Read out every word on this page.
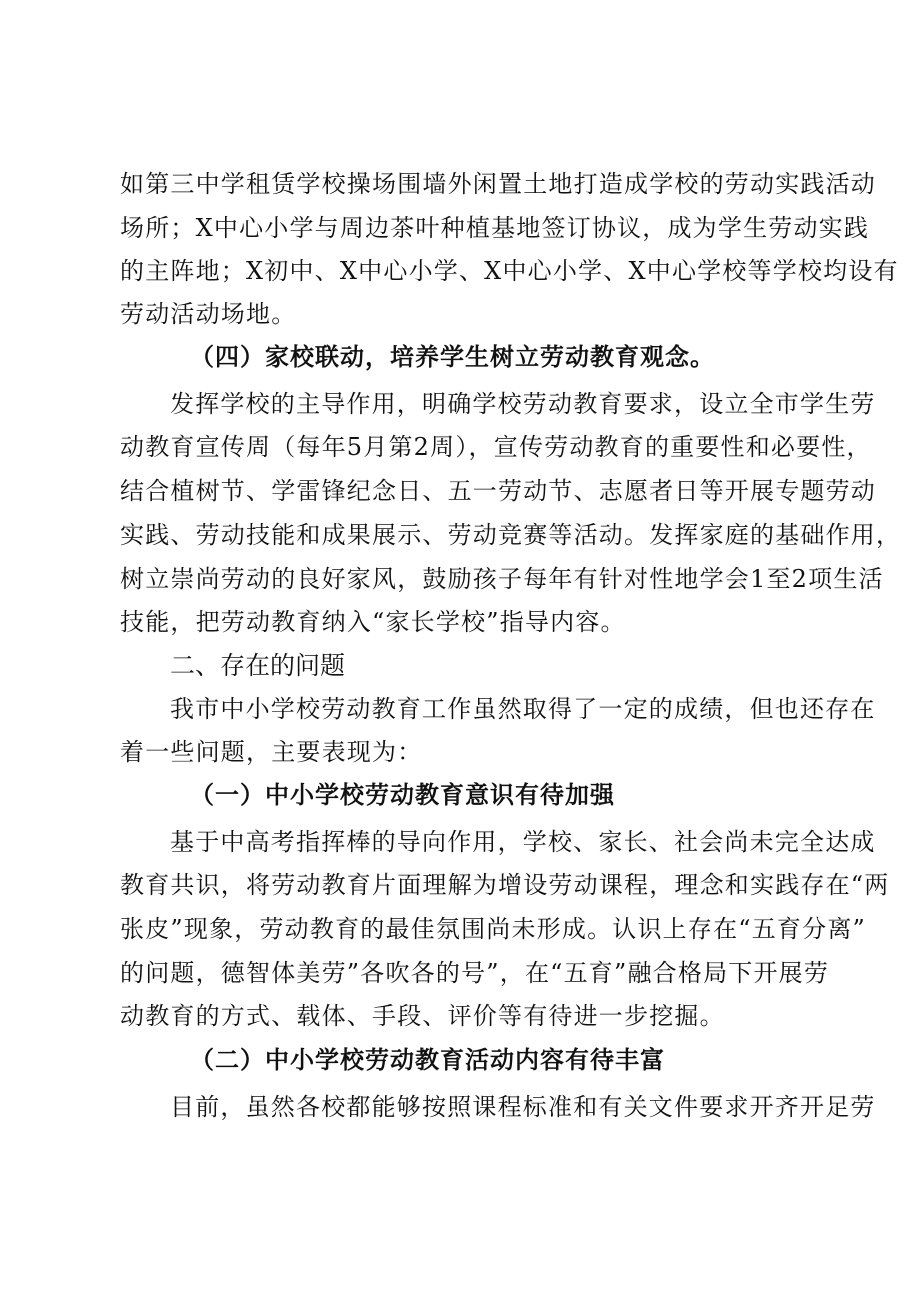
如第三中学租赁学校操场围墙外闲置土地打造成学校的劳动实践活动
场所；X中心小学与周边茶叶种植基地签订协议，成为学生劳动实践
的主阵地；X初中、X中心小学、X中心小学、X中心学校等学校均设有
劳动活动场地。
（四）家校联动，培养学生树立劳动教育观念。
发挥学校的主导作用，明确学校劳动教育要求，设立全市学生劳
动教育宣传周（每年5月第2周），宣传劳动教育的重要性和必要性，
结合植树节、学雷锋纪念日、五一劳动节、志愿者日等开展专题劳动
实践、劳动技能和成果展示、劳动竞赛等活动。发挥家庭的基础作用，
树立崇尚劳动的良好家风，鼓励孩子每年有针对性地学会1至2项生活
技能，把劳动教育纳入“家长学校”指导内容。
二、存在的问题
我市中小学校劳动教育工作虽然取得了一定的成绩，但也还存在
着一些问题，主要表现为：
（一）中小学校劳动教育意识有待加强
基于中高考指挥棒的导向作用，学校、家长、社会尚未完全达成
教育共识，将劳动教育片面理解为增设劳动课程，理念和实践存在“两
张皮”现象，劳动教育的最佳氛围尚未形成。认识上存在“五育分离”
的问题，德智体美劳”各吹各的号”，在“五育”融合格局下开展劳
动教育的方式、载体、手段、评价等有待进一步挖掘。
（二）中小学校劳动教育活动内容有待丰富
目前，虽然各校都能够按照课程标准和有关文件要求开齐开足劳
